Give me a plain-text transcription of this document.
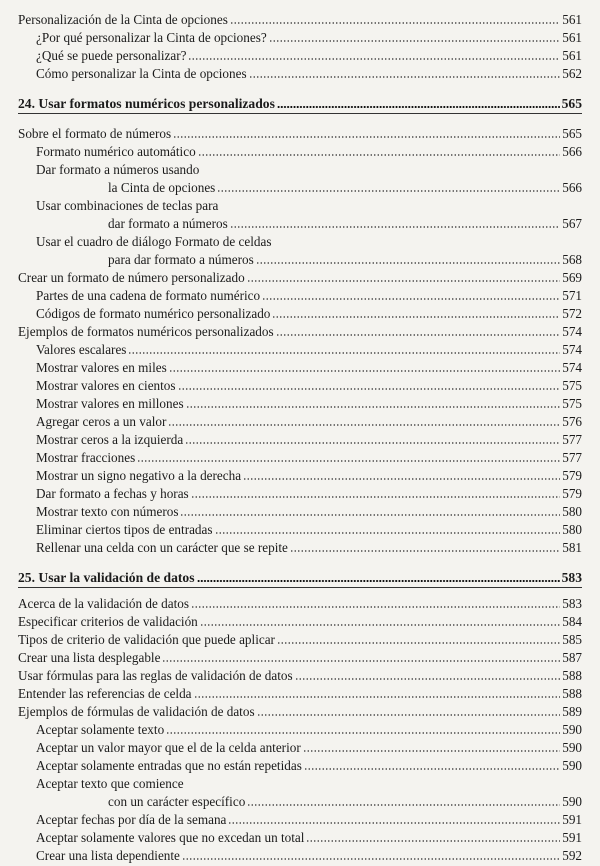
Personalización de la Cinta de opciones	561
¿Por qué personalizar la Cinta de opciones?	561
¿Qué se puede personalizar?	561
Cómo personalizar la Cinta de opciones	562
24. Usar formatos numéricos personalizados	565
Sobre el formato de números	565
Formato numérico automático	566
Dar formato a números usando
la Cinta de opciones	566
Usar combinaciones de teclas para
dar formato a números	567
Usar el cuadro de diálogo Formato de celdas
para dar formato a números	568
Crear un formato de número personalizado	569
Partes de una cadena de formato numérico	571
Códigos de formato numérico personalizado	572
Ejemplos de formatos numéricos personalizados	574
Valores escalares	574
Mostrar valores en miles	574
Mostrar valores en cientos	575
Mostrar valores en millones	575
Agregar ceros a un valor	576
Mostrar ceros a la izquierda	577
Mostrar fracciones	577
Mostrar un signo negativo a la derecha	579
Dar formato a fechas y horas	579
Mostrar texto con números	580
Eliminar ciertos tipos de entradas	580
Rellenar una celda con un carácter que se repite	581
25. Usar la validación de datos	583
Acerca de la validación de datos	583
Especificar criterios de validación	584
Tipos de criterio de validación que puede aplicar	585
Crear una lista desplegable	587
Usar fórmulas para las reglas de validación de datos	588
Entender las referencias de celda	588
Ejemplos de fórmulas de validación de datos	589
Aceptar solamente texto	590
Aceptar un valor mayor que el de la celda anterior	590
Aceptar solamente entradas que no están repetidas	590
Aceptar texto que comience
con un carácter específico	590
Aceptar fechas por día de la semana	591
Aceptar solamente valores que no excedan un total	591
Crear una lista dependiente	592
